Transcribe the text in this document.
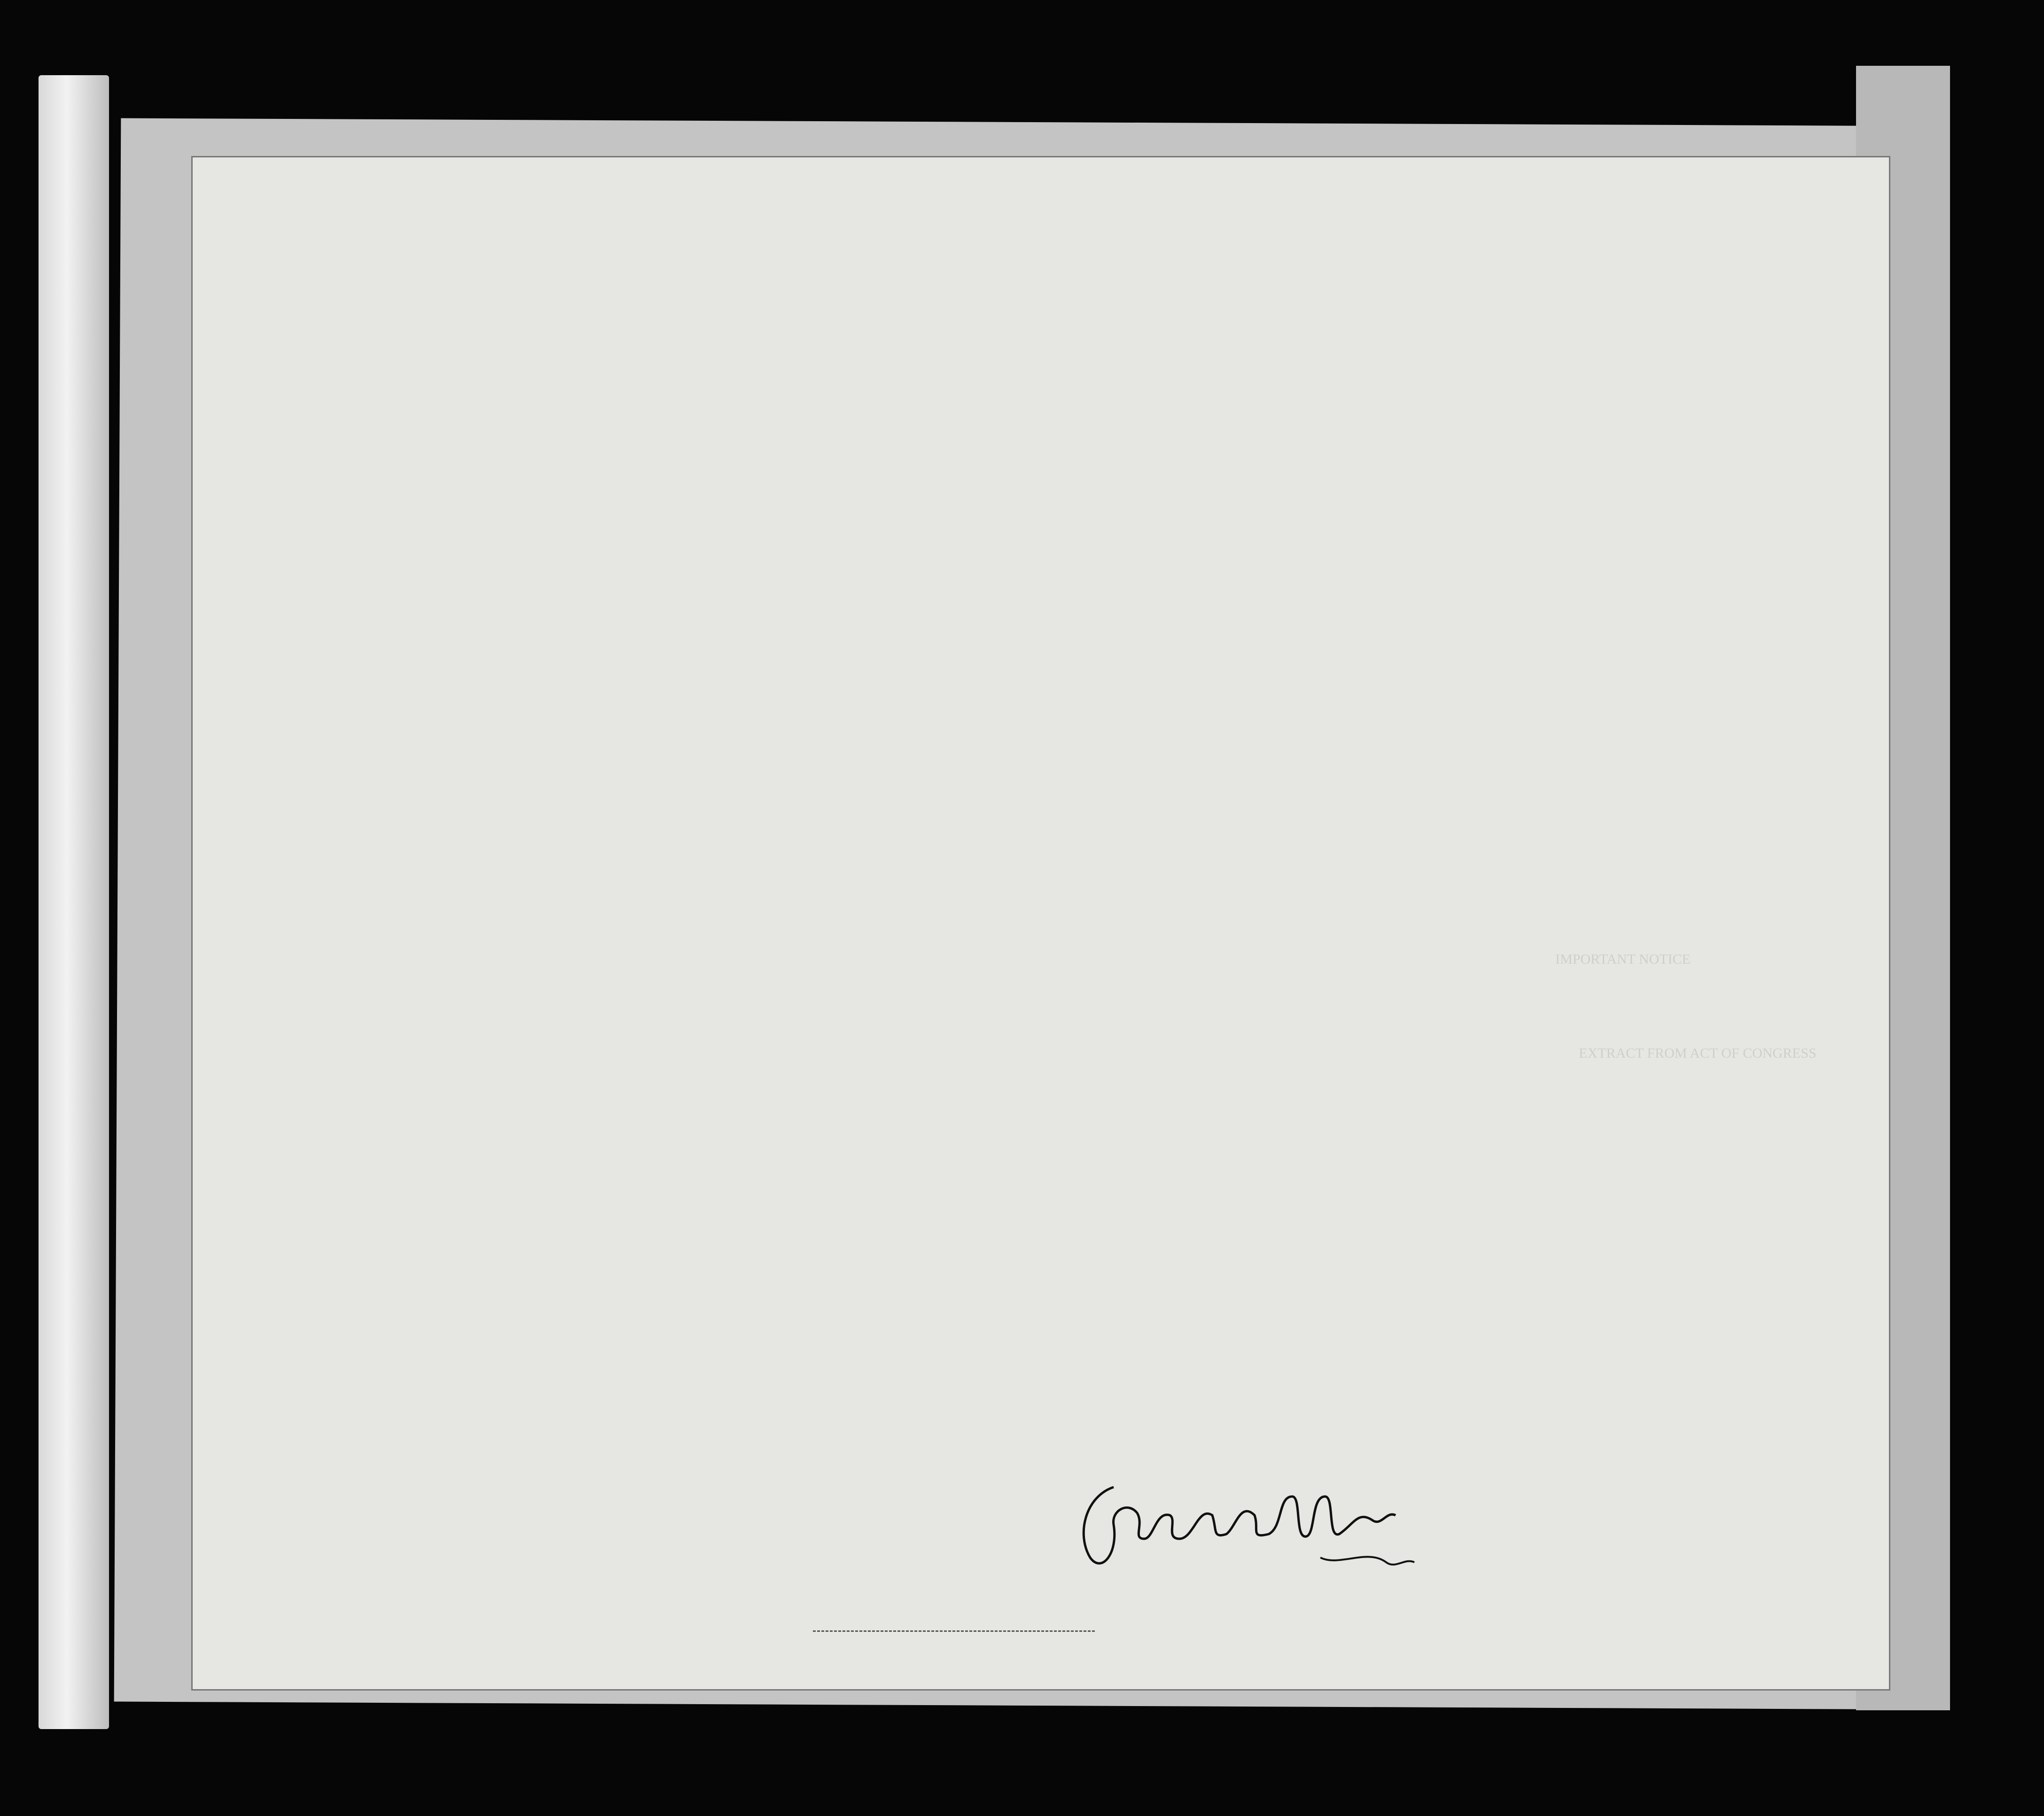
IMPORTANT NOTICE
EXTRACT FROM ACT OF CONGRESS
